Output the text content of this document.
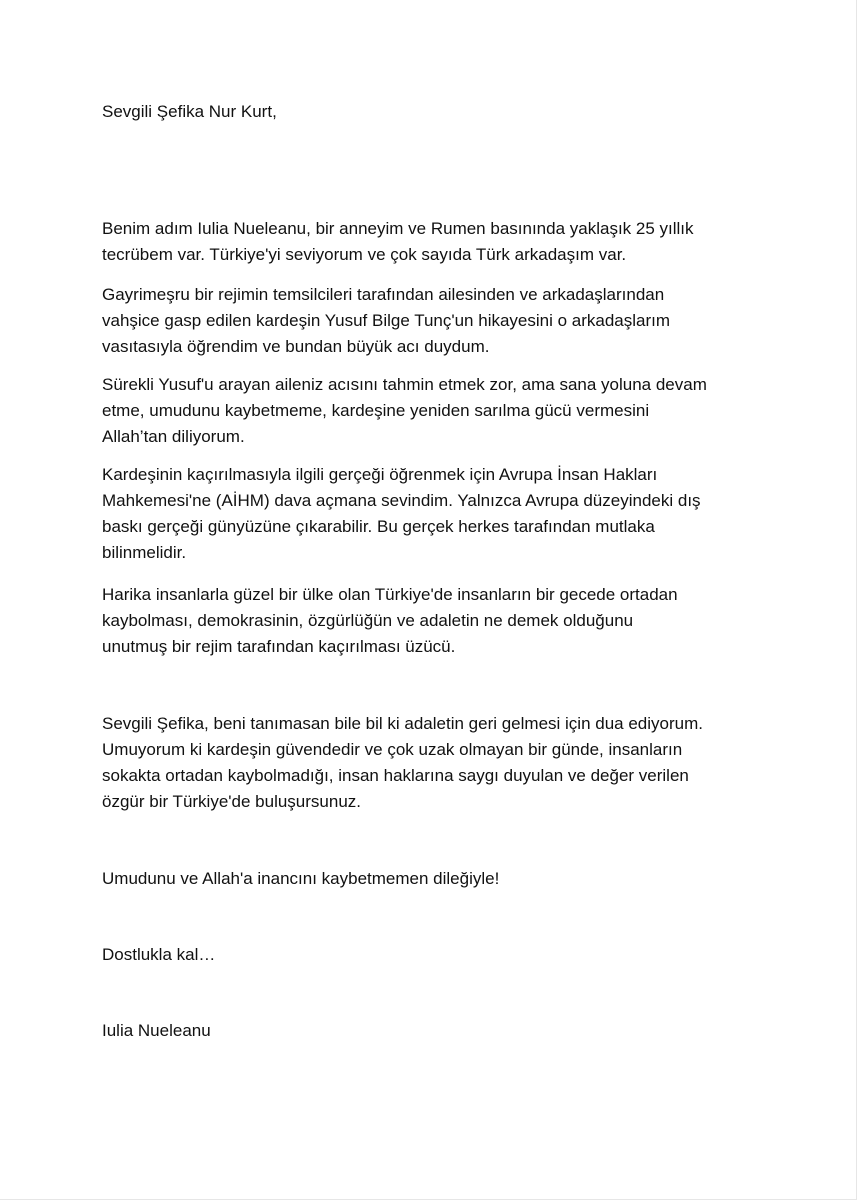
Sevgili Şefika Nur Kurt,

Benim adım Iulia Nueleanu, bir anneyim ve Rumen basınında yaklaşık 25 yıllık

tecrübem var. Türkiye'yi seviyorum ve çok sayıda Türk arkadaşım var.

Gayrimeşru bir rejimin temsilcileri tarafından ailesinden ve arkadaşlarından

vahşice gasp edilen kardeşin Yusuf Bilge Tunç'un hikayesini o arkadaşlarım

vasıtasıyla öğrendim ve bundan büyük acı duydum.

Sürekli Yusuf'u arayan aileniz acısını tahmin etmek zor, ama sana yoluna devam

etme, umudunu kaybetmeme, kardeşine yeniden sarılma gücü vermesini

Allah’tan diliyorum.

Kardeşinin kaçırılmasıyla ilgili gerçeği öğrenmek için Avrupa İnsan Hakları

Mahkemesi'ne (AİHM) dava açmana sevindim. Yalnızca Avrupa düzeyindeki dış

baskı gerçeği günyüzüne çıkarabilir. Bu gerçek herkes tarafından mutlaka

bilinmelidir.

Harika insanlarla güzel bir ülke olan Türkiye'de insanların bir gecede ortadan

kaybolması, demokrasinin, özgürlüğün ve adaletin ne demek olduğunu

unutmuş bir rejim tarafından kaçırılması üzücü.

Sevgili Şefika, beni tanımasan bile bil ki adaletin geri gelmesi için dua ediyorum.

Umuyorum ki kardeşin güvendedir ve çok uzak olmayan bir günde, insanların

sokakta ortadan kaybolmadığı, insan haklarına saygı duyulan ve değer verilen

özgür bir Türkiye'de buluşursunuz.

Umudunu ve Allah'a inancını kaybetmemen dileğiyle!

Dostlukla kal…

Iulia Nueleanu
